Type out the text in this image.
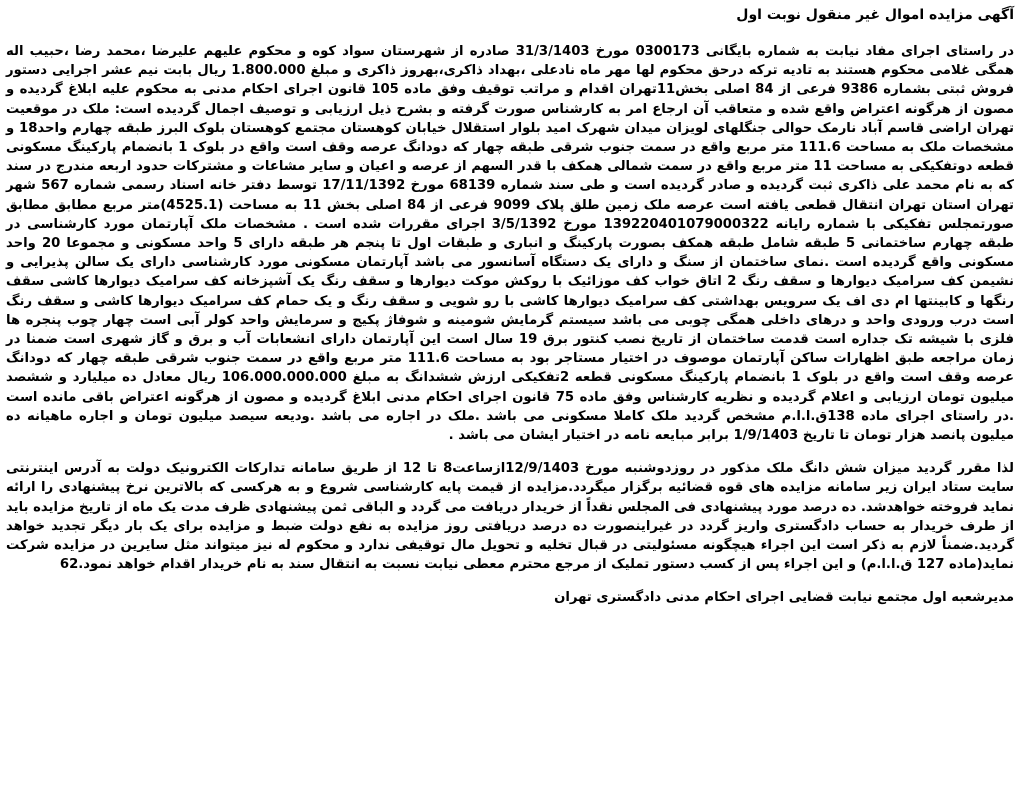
آگهی مزایده اموال غیر منقول نوبت اول

در راستای اجرای مفاد نیابت به شماره بایگانی 0300173 مورخ 31/3/1403 صادره از شهرستان سواد کوه و محکوم علیهم علیرضا ،محمد رضا ،حبیب اله همگی غلامی محکوم هستند به تادیه ترکه درحق محکوم لها مهر ماه نادعلی ،بهداد ذاکری،بهروز ذاکری و مبلغ 1.800.000 ریال بابت نیم عشر اجرایی دستور فروش ثبتی بشماره 9386 فرعی از 84 اصلی بخش11تهران اقدام و مراتب توقیف وفق ماده 105 قانون اجرای احکام مدنی به محکوم علیه ابلاغ گردیده و مصون از هرگونه اعتراض واقع شده و متعاقب آن ارجاع امر به کارشناس صورت گرفته و بشرح ذیل ارزیابی و توصیف اجمال گردیده است: ملک در موقعیت تهران اراضی قاسم آباد نارمک حوالی جنگلهای لویزان میدان شهرک امید بلوار استقلال خیابان کوهستان مجتمع کوهستان بلوک البرز طبقه چهارم واحد18 و مشخصات ملک به مساحت 111.6 متر مربع واقع در سمت جنوب شرقی طبقه چهار که دودانگ عرصه وقف است واقع در بلوک 1 بانضمام پارکینگ مسکونی قطعه دوتفکیکی به مساحت 11 متر مربع واقع در سمت شمالی همکف با قدر السهم از عرصه و اعیان و سایر مشاعات و مشترکات حدود اربعه مندرج در سند که به نام محمد علی ذاکری ثبت گردیده و صادر گردیده است و طی سند شماره 68139 مورخ 17/11/1392 توسط دفتر خانه اسناد رسمی شماره 567 شهر تهران استان تهران انتقال قطعی یافته است عرصه ملک زمین طلق پلاک 9099 فرعی از 84 اصلی بخش 11 به مساحت (4525.1)متر مربع مطابق مطابق صورتمجلس تفکیکی با شماره رایانه 139220401079000322 مورخ 3/5/1392 اجرای مقررات شده است . مشخصات ملک آپارتمان مورد کارشناسی در طبقه چهارم ساختمانی 5 طبقه شامل طبقه همکف بصورت پارکینگ و انباری و طبقات اول تا پنجم هر طبقه دارای 5 واحد مسکونی و مجموعا 20 واحد مسکونی واقع گردیده است .نمای ساختمان از سنگ و دارای یک دستگاه آسانسور می باشد آپارتمان مسکونی مورد کارشناسی دارای یک سالن پذیرایی و نشیمن کف سرامیک دیوارها و سقف رنگ 2 اتاق خواب کف موزائیک با روکش موکت دیوارها و سقف رنگ یک آشپزخانه کف سرامیک دیوارها کاشی سقف رنگها و کابینتها ام دی اف یک سرویس بهداشتی کف سرامیک دیوارها کاشی با رو شویی و سقف رنگ و یک حمام کف سرامیک دیوارها کاشی و سقف رنگ است درب ورودی واحد و درهای داخلی همگی چوبی می باشد سیستم گرمایش شومینه و شوفاژ پکیج و سرمایش واحد کولر آبی است چهار چوب پنجره ها فلزی با شیشه تک جداره است قدمت ساختمان از تاریخ نصب کنتور برق 19 سال است این آپارتمان دارای انشعابات آب و برق و گاز شهری است ضمنا در زمان مراجعه طبق اظهارات ساکن آپارتمان موصوف در اختیار مستاجر بود به مساحت 111.6 متر مربع واقع در سمت جنوب شرقی طبقه چهار که دودانگ عرصه وقف است واقع در بلوک 1 بانضمام پارکینگ مسکونی قطعه 2تفکیکی ارزش ششدانگ به مبلغ 106.000.000.000 ریال معادل ده میلیارد و ششصد میلیون تومان ارزیابی و اعلام گردیده و نظریه کارشناس وفق ماده 75 قانون اجرای احکام مدنی ابلاغ گردیده و مصون از هرگونه اعتراض باقی مانده است .در راستای اجرای ماده 138ق.ا.ا.م مشخص گردید ملک کاملا مسکونی می باشد .ملک در اجاره می باشد .ودیعه سیصد میلیون تومان و اجاره ماهیانه ده میلیون پانصد هزار تومان تا تاریخ 1/9/1403 برابر مبایعه نامه در اختیار ایشان می باشد .

لذا مقرر گردید میزان شش دانگ ملک مذکور در روزدوشنبه مورخ 12/9/1403ازساعت8 تا 12 از طریق سامانه تدارکات الکترونیک دولت به آدرس اینترنتی سایت ستاد ایران زیر سامانه مزایده های قوه قضائیه برگزار میگردد.مزایده از قیمت پایه کارشناسی شروع و به هرکسی که بالاترین نرخ پیشنهادی را ارائه نماید فروخته خواهدشد. ده درصد مورد پیشنهادی فی المجلس نقداً از خریدار دریافت می گردد و الباقی ثمن پیشنهادی ظرف مدت یک ماه از تاریخ مزایده باید از طرف خریدار به حساب دادگستری واریز گردد در غیراینصورت ده درصد دریافتی روز مزایده به نفع دولت ضبط و مزایده برای یک بار دیگر تجدید خواهد گردید.ضمناً لازم به ذکر است این اجراء هیچگونه مسئولیتی در قبال تخلیه و تحویل مال توقیفی ندارد و محکوم له نیز میتواند مثل سایرین در مزایده شرکت نماید(ماده 127 ق.ا.ا.م) و این اجراء پس از کسب دستور تملیک از مرجع محترم معطی نیابت نسبت به انتقال سند به نام خریدار اقدام خواهد نمود.62

مدیرشعبه اول مجتمع نیابت قضایی اجرای احکام مدنی دادگستری تهران
